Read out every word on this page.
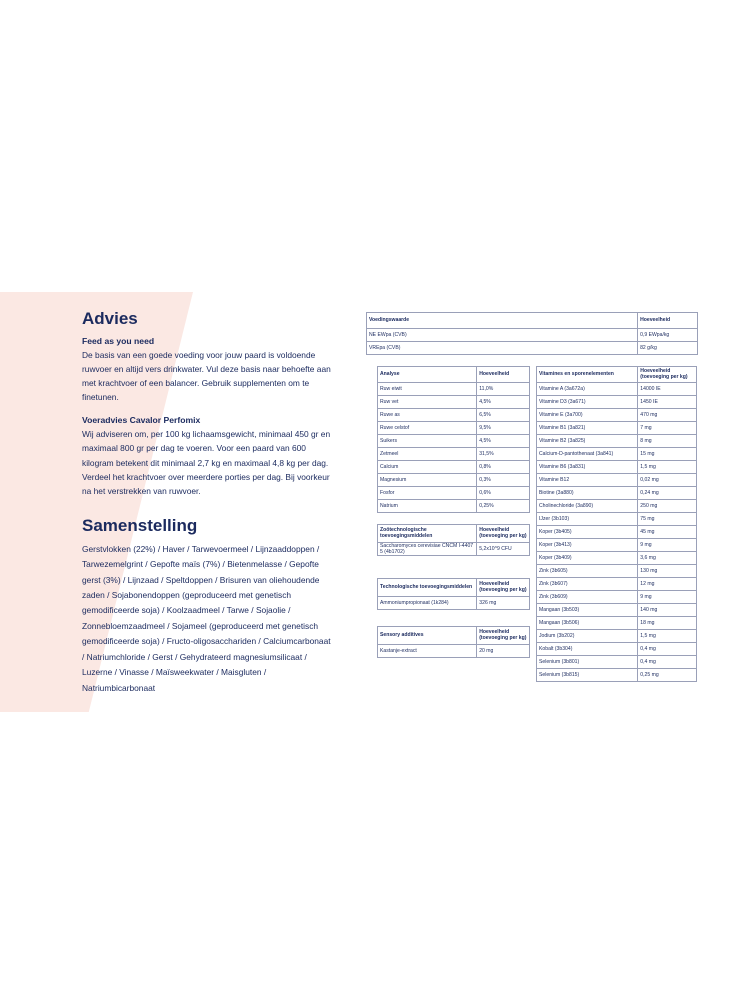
Advies
Feed as you need

De basis van een goede voeding voor jouw paard is voldoende ruwvoer en altijd vers drinkwater. Vul deze basis naar behoefte aan met krachtvoer of een balancer. Gebruik supplementen om te finetunen.

Voeradvies Cavalor Perfomix

Wij adviseren om, per 100 kg lichaamsgewicht, minimaal 450 gr en maximaal 800 gr per dag te voeren. Voor een paard van 600 kilogram betekent dit minimaal 2,7 kg en maximaal 4,8 kg per dag. Verdeel het krachtvoer over meerdere porties per dag. Bij voorkeur na het verstrekken van ruwvoer.

Samenstelling

Gerstvlokken (22%) / Haver / Tarwevoermeel / Lijnzaaddoppen / Tarwezemelgrint / Gepofte maïs (7%) / Bietenmelasse / Gepofte gerst (3%) / Lijnzaad / Speltdoppen / Brisuren van oliehoudende zaden / Sojabonendoppen (geproduceerd met genetisch gemodificeerde soja) / Koolzaadmeel / Tarwe / Sojaolie / Zonnebloemzaadmeel / Sojameel (geproduceerd met genetisch gemodificeerde soja) / Fructo-oligosacchariden / Calciumcarbonaat / Natriumchloride / Gerst / Gehydrateerd magnesiumsilicaat / Luzerne / Vinasse / Maïsweekwater / Maisgluten / Natriumbicarbonaat

Voedingswaarde	Hoeveelheid
NE EWpa (CVB)	0,9 EWpa/kg
VREpa (CVB)	82 g/kg
Analyse	Hoeveelheid
Ruw eiwit	11,0%
Ruw vet	4,5%
Ruwe as	6,5%
Ruwe celstof	9,5%
Suikers	4,5%
Zetmeel	31,5%
Calcium	0,8%
Magnesium	0,3%
Fosfor	0,6%
Natrium	0,25%
Zoötechnologische toevoegingsmiddelen	Hoeveelheid (toevoeging per kg)
Saccharomyces cerevisiae CNCM I-4407 5 (4b1702)	5,2x10^9 CFU
Technologische toevoegingsmiddelen	Hoeveelheid (toevoeging per kg)
Ammoniumpropionaat (1k284)	326 mg
Sensory additives	Hoeveelheid (toevoeging per kg)
Kastanje-extract	20 mg
Vitamines en sporenelementen	Hoeveelheid (toevoeging per kg)
Vitamine A (3a672a)	14000 IE
Vitamine D3 (3a671)	1450 IE
Vitamine E (3a700)	470 mg
Vitamine B1 (3a821)	7 mg
Vitamine B2 (3a825)	8 mg
Calcium-D-pantothenaat (3a841)	15 mg
Vitamine B6 (3a831)	1,5 mg
Vitamine B12	0,02 mg
Biotine (3a880)	0,24 mg
Cholinechloride (3a890)	250 mg
IJzer (3b103)	75 mg
Koper (3b405)	45 mg
Koper (3b413)	9 mg
Koper (3b409)	3,6 mg
Zink (3b605)	130 mg
Zink (3b607)	12 mg
Zink (3b609)	9 mg
Mangaan (3b503)	140 mg
Mangaan (3b506)	18 mg
Jodium (3b202)	1,5 mg
Kobalt (3b304)	0,4 mg
Selenium (3b801)	0,4 mg
Selenium (3b815)	0,25 mg
